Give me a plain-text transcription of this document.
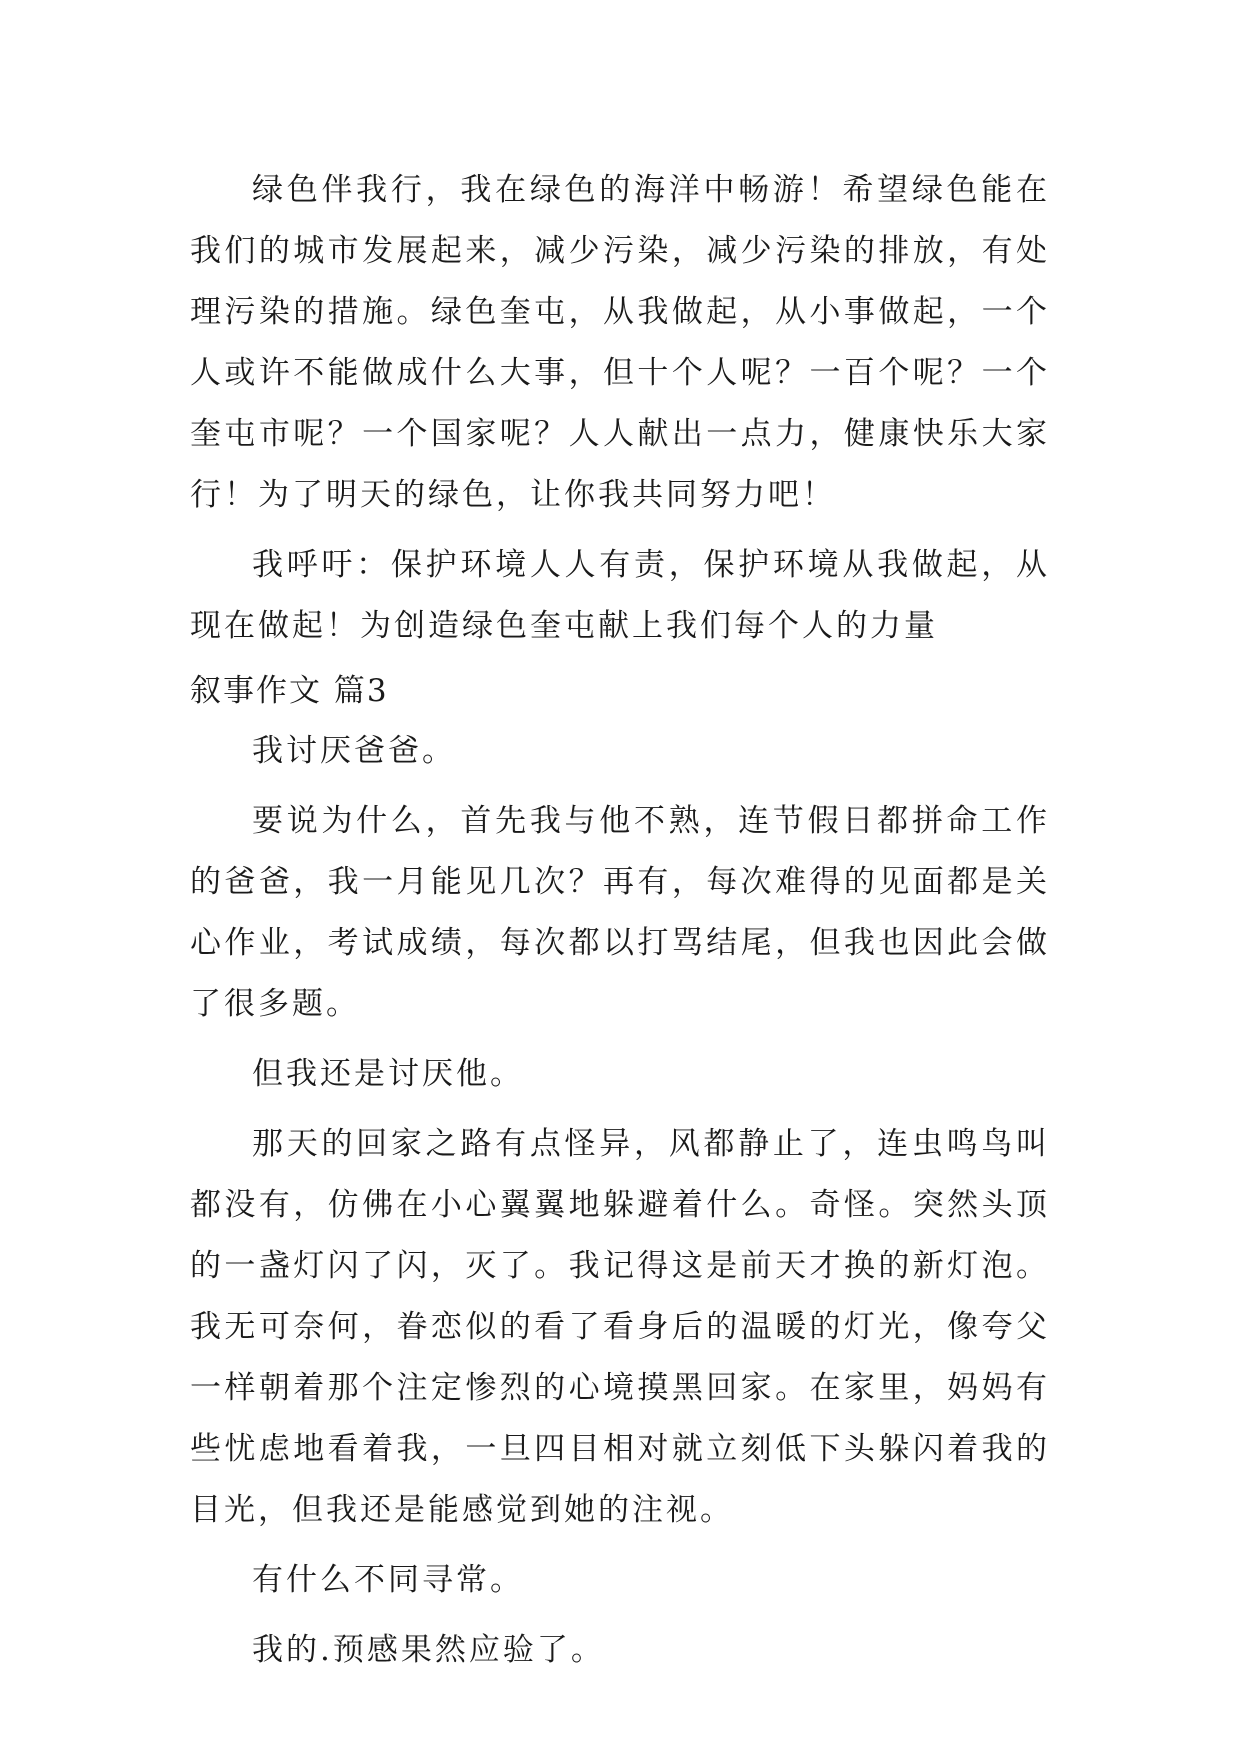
绿色伴我行，我在绿色的海洋中畅游！希望绿色能在我们的城市发展起来，减少污染，减少污染的排放，有处理污染的措施。绿色奎屯，从我做起，从小事做起，一个人或许不能做成什么大事，但十个人呢？一百个呢？一个奎屯市呢？一个国家呢？人人献出一点力，健康快乐大家行！为了明天的绿色，让你我共同努力吧！

我呼吁：保护环境人人有责，保护环境从我做起，从现在做起！为创造绿色奎屯献上我们每个人的力量

叙事作文 篇3

我讨厌爸爸。

要说为什么，首先我与他不熟，连节假日都拼命工作的爸爸，我一月能见几次？再有，每次难得的见面都是关心作业，考试成绩，每次都以打骂结尾，但我也因此会做了很多题。

但我还是讨厌他。

那天的回家之路有点怪异，风都静止了，连虫鸣鸟叫都没有，仿佛在小心翼翼地躲避着什么。奇怪。突然头顶的一盏灯闪了闪，灭了。我记得这是前天才换的新灯泡。我无可奈何，眷恋似的看了看身后的温暖的灯光，像夸父一样朝着那个注定惨烈的心境摸黑回家。在家里，妈妈有些忧虑地看着我，一旦四目相对就立刻低下头躲闪着我的目光，但我还是能感觉到她的注视。

有什么不同寻常。

我的.预感果然应验了。
